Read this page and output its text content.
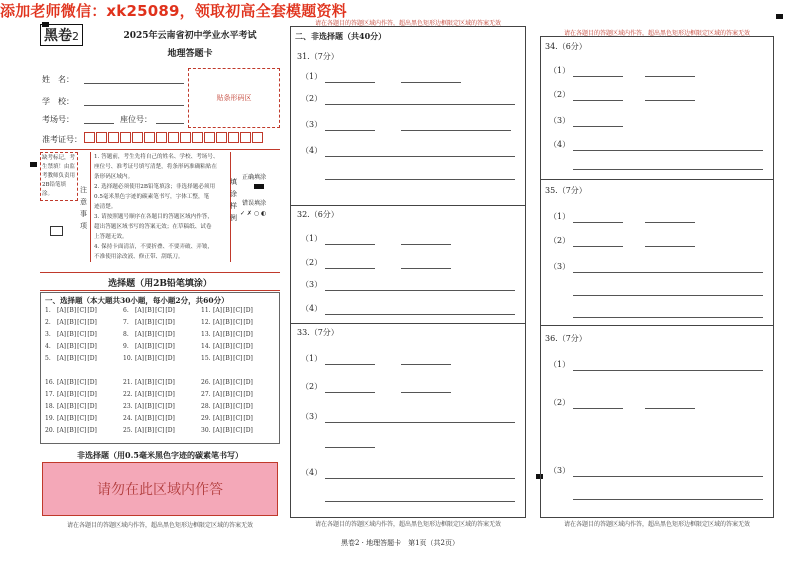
添加老师微信：xk25089，领取初高全套模题资料
黑卷2	2025年云南省初中学业水平考试
地理答题卡
姓　名：
学　校：
考场号：	座位号：
准考证号：
贴条形码区
缺考标记，考生禁填！由监考教师负责用2B铅笔填涂。	注意事项
1. 答题前，考生先将自己的姓名、学校、考场号、
座位号、准考证号填写清楚，将条形码准确粘贴在
条形码区域内。
2. 选择题必须使用2B铅笔填涂；非选择题必须用
0.5毫米黑色字迹的碳素笔书写，字体工整，笔
迹清楚。
3. 请按照题号顺序在各题目的答题区域内作答，
超出答题区域书写的答案无效；在草稿纸、试卷
上答题无效。
4. 保持卡面清洁，不要折叠、不要弄破、弄皱，
不准使用涂改液、修正带、刮纸刀。
填涂样例
正确填涂
错误填涂
✓ ✗ ○ ◐
选择题（用2B铅笔填涂）
一、选择题（本大题共30小题，每小题2分，共60分）
1. [A][B][C][D]	6. [A][B][C][D]	11. [A][B][C][D]
2. [A][B][C][D]	7. [A][B][C][D]	12. [A][B][C][D]
3. [A][B][C][D]	8. [A][B][C][D]	13. [A][B][C][D]
4. [A][B][C][D]	9. [A][B][C][D]	14. [A][B][C][D]
5. [A][B][C][D]	10. [A][B][C][D]	15. [A][B][C][D]
16. [A][B][C][D]	21. [A][B][C][D]	26. [A][B][C][D]
17. [A][B][C][D]	22. [A][B][C][D]	27. [A][B][C][D]
18. [A][B][C][D]	23. [A][B][C][D]	28. [A][B][C][D]
19. [A][B][C][D]	24. [A][B][C][D]	29. [A][B][C][D]
20. [A][B][C][D]	25. [A][B][C][D]	30. [A][B][C][D]
非选择题（用0.5毫米黑色字迹的碳素笔书写）
请勿在此区域内作答
请在各题目的答题区域内作答，超出黑色矩形边框限定区域的答案无效
请在各题目的答题区域内作答，超出黑色矩形边框限定区域的答案无效
二、非选择题（共40分）
31.（7分）
（1）
（2）
（3）
（4）
32.（6分）
（1）
（2）
（3）
（4）
33.（7分）
（1）
（2）
（3）
（4）
请在各题目的答题区域内作答，超出黑色矩形边框限定区域的答案无效
请在各题目的答题区域内作答，超出黑色矩形边框限定区域的答案无效
34.（6分）
（1）
（2）
（3）
（4）
35.（7分）
（1）
（2）
（3）
36.（7分）
（1）
（2）
（3）
请在各题目的答题区域内作答，超出黑色矩形边框限定区域的答案无效
黑卷2 · 地理答题卡　第1页（共2页）
